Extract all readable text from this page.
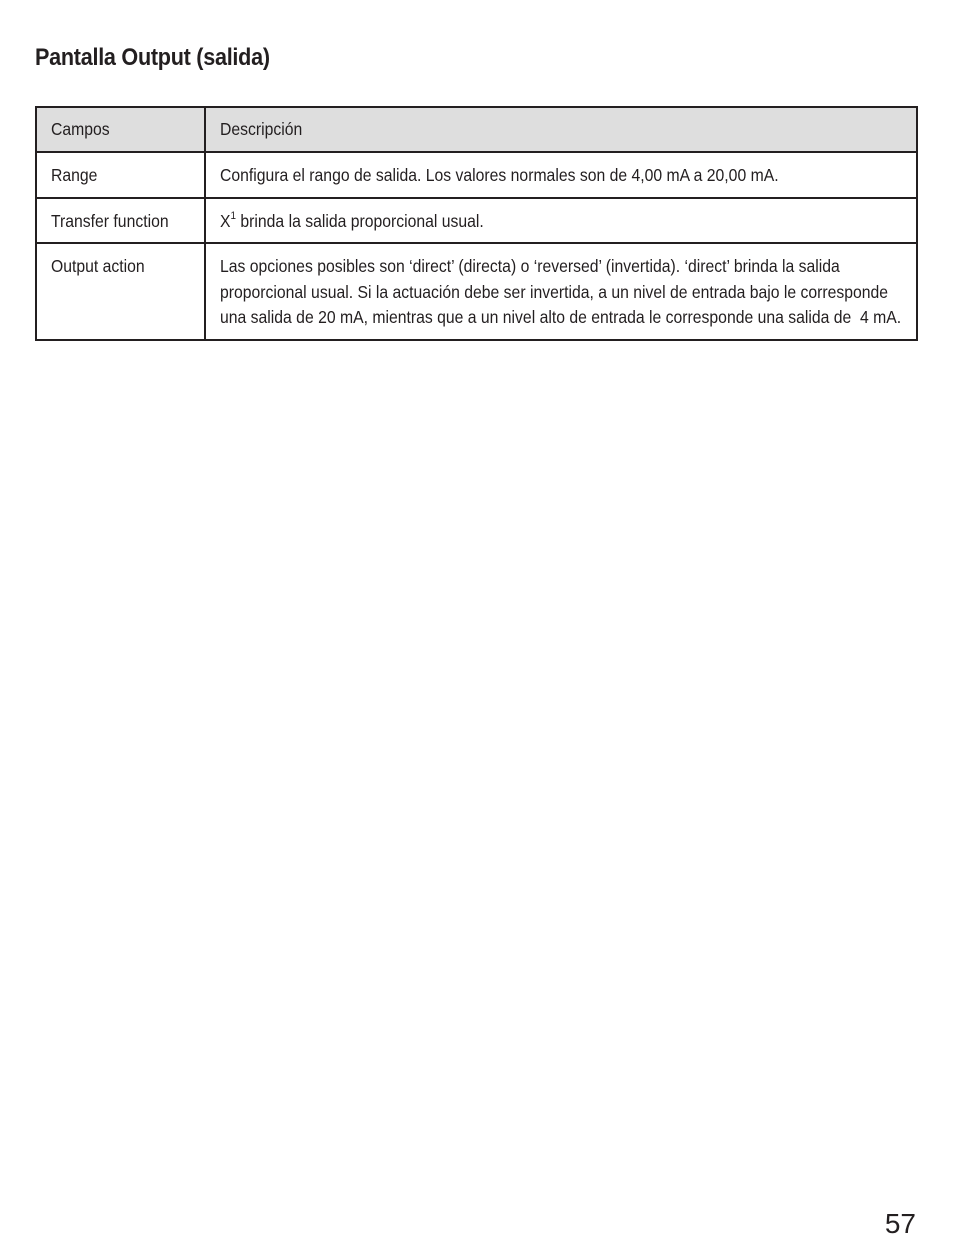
Pantalla Output (salida)
Campos	Descripción
Range	Configura el rango de salida. Los valores normales son de 4,00 mA a 20,00 mA.
Transfer function	$X^1$ brinda la salida proporcional usual.
Output action	Las opciones posibles son ‘direct’ (directa) o ‘reversed’ (invertida). ‘direct’ brinda la salida proporcional usual. Si la actuación debe ser invertida, a un nivel de entrada bajo le corresponde una salida de 20 mA, mientras que a un nivel alto de entrada le corresponde una salida de  4 mA.
57
